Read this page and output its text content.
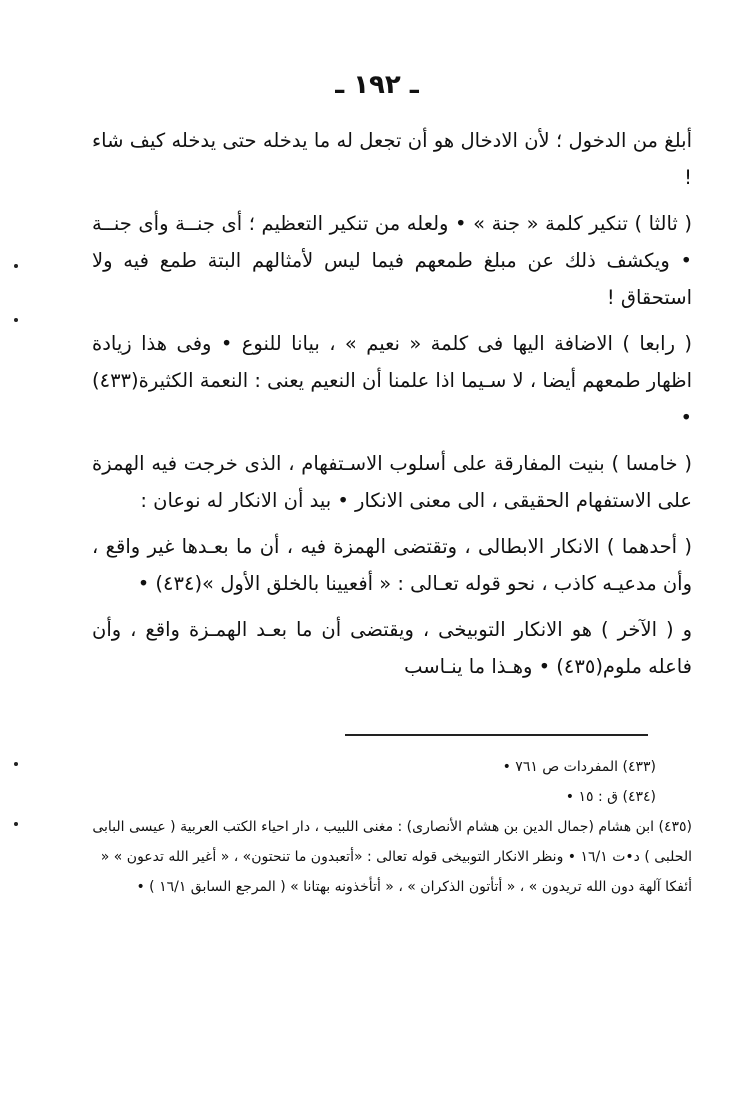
ـ ١٩٢ ـ

أبلغ من الدخول ؛ لأن الادخال هو أن تجعل له ما يدخله حتى يدخله كيف شاء !

( ثالثا ) تنكير كلمة « جنة » • ولعله من تنكير التعظيم ؛ أى جنــة وأى جنــة • ويكشف ذلك عن مبلغ طمعهم فيما ليس لأمثالهم البتة طمع فيه ولا استحقاق !

( رابعا ) الاضافة اليها فى كلمة « نعيم » ، بيانا للنوع • وفى هذا زيادة اظهار طمعهم أيضا ، لا سـيما اذا علمنا أن النعيم يعنى : النعمة الكثيرة(٤٣٣) •

( خامسا ) بنيت المفارقة على أسلوب الاسـتفهام ، الذى خرجت فيه الهمزة على الاستفهام الحقيقى ، الى معنى الانكار • بيد أن الانكار له نوعان :

( أحدهما ) الانكار الابطالى ، وتقتضى الهمزة فيه ، أن ما بعـدها غير واقع ، وأن مدعيـه كاذب ، نحو قوله تعـالى : « أفعيينا بالخلق الأول »(٤٣٤) •

و ( الآخر ) هو الانكار التوبيخى ، ويقتضى أن ما بعـد الهمـزة واقع ، وأن فاعله ملوم(٤٣٥) • وهـذا ما ينـاسب

(٤٣٣) المفردات ص ٧٦١ •

(٤٣٤) ق : ١٥ •

(٤٣٥) ابن هشام (جمال الدين بن هشام الأنصارى) : مغنى اللبيب ، دار احياء الكتب العربية ( عيسى البابى الحلبى ) د•ت ١٦/١ • ونظر الانكار التوبيخى قوله تعالى : «أتعبدون ما تنحتون» ، « أغير الله تدعون » « أئفكا آلهة دون الله تريدون » ، « أتأتون الذكران » ، « أتأخذونه بهتانا » ( المرجع السابق ١٦/١ ) •
